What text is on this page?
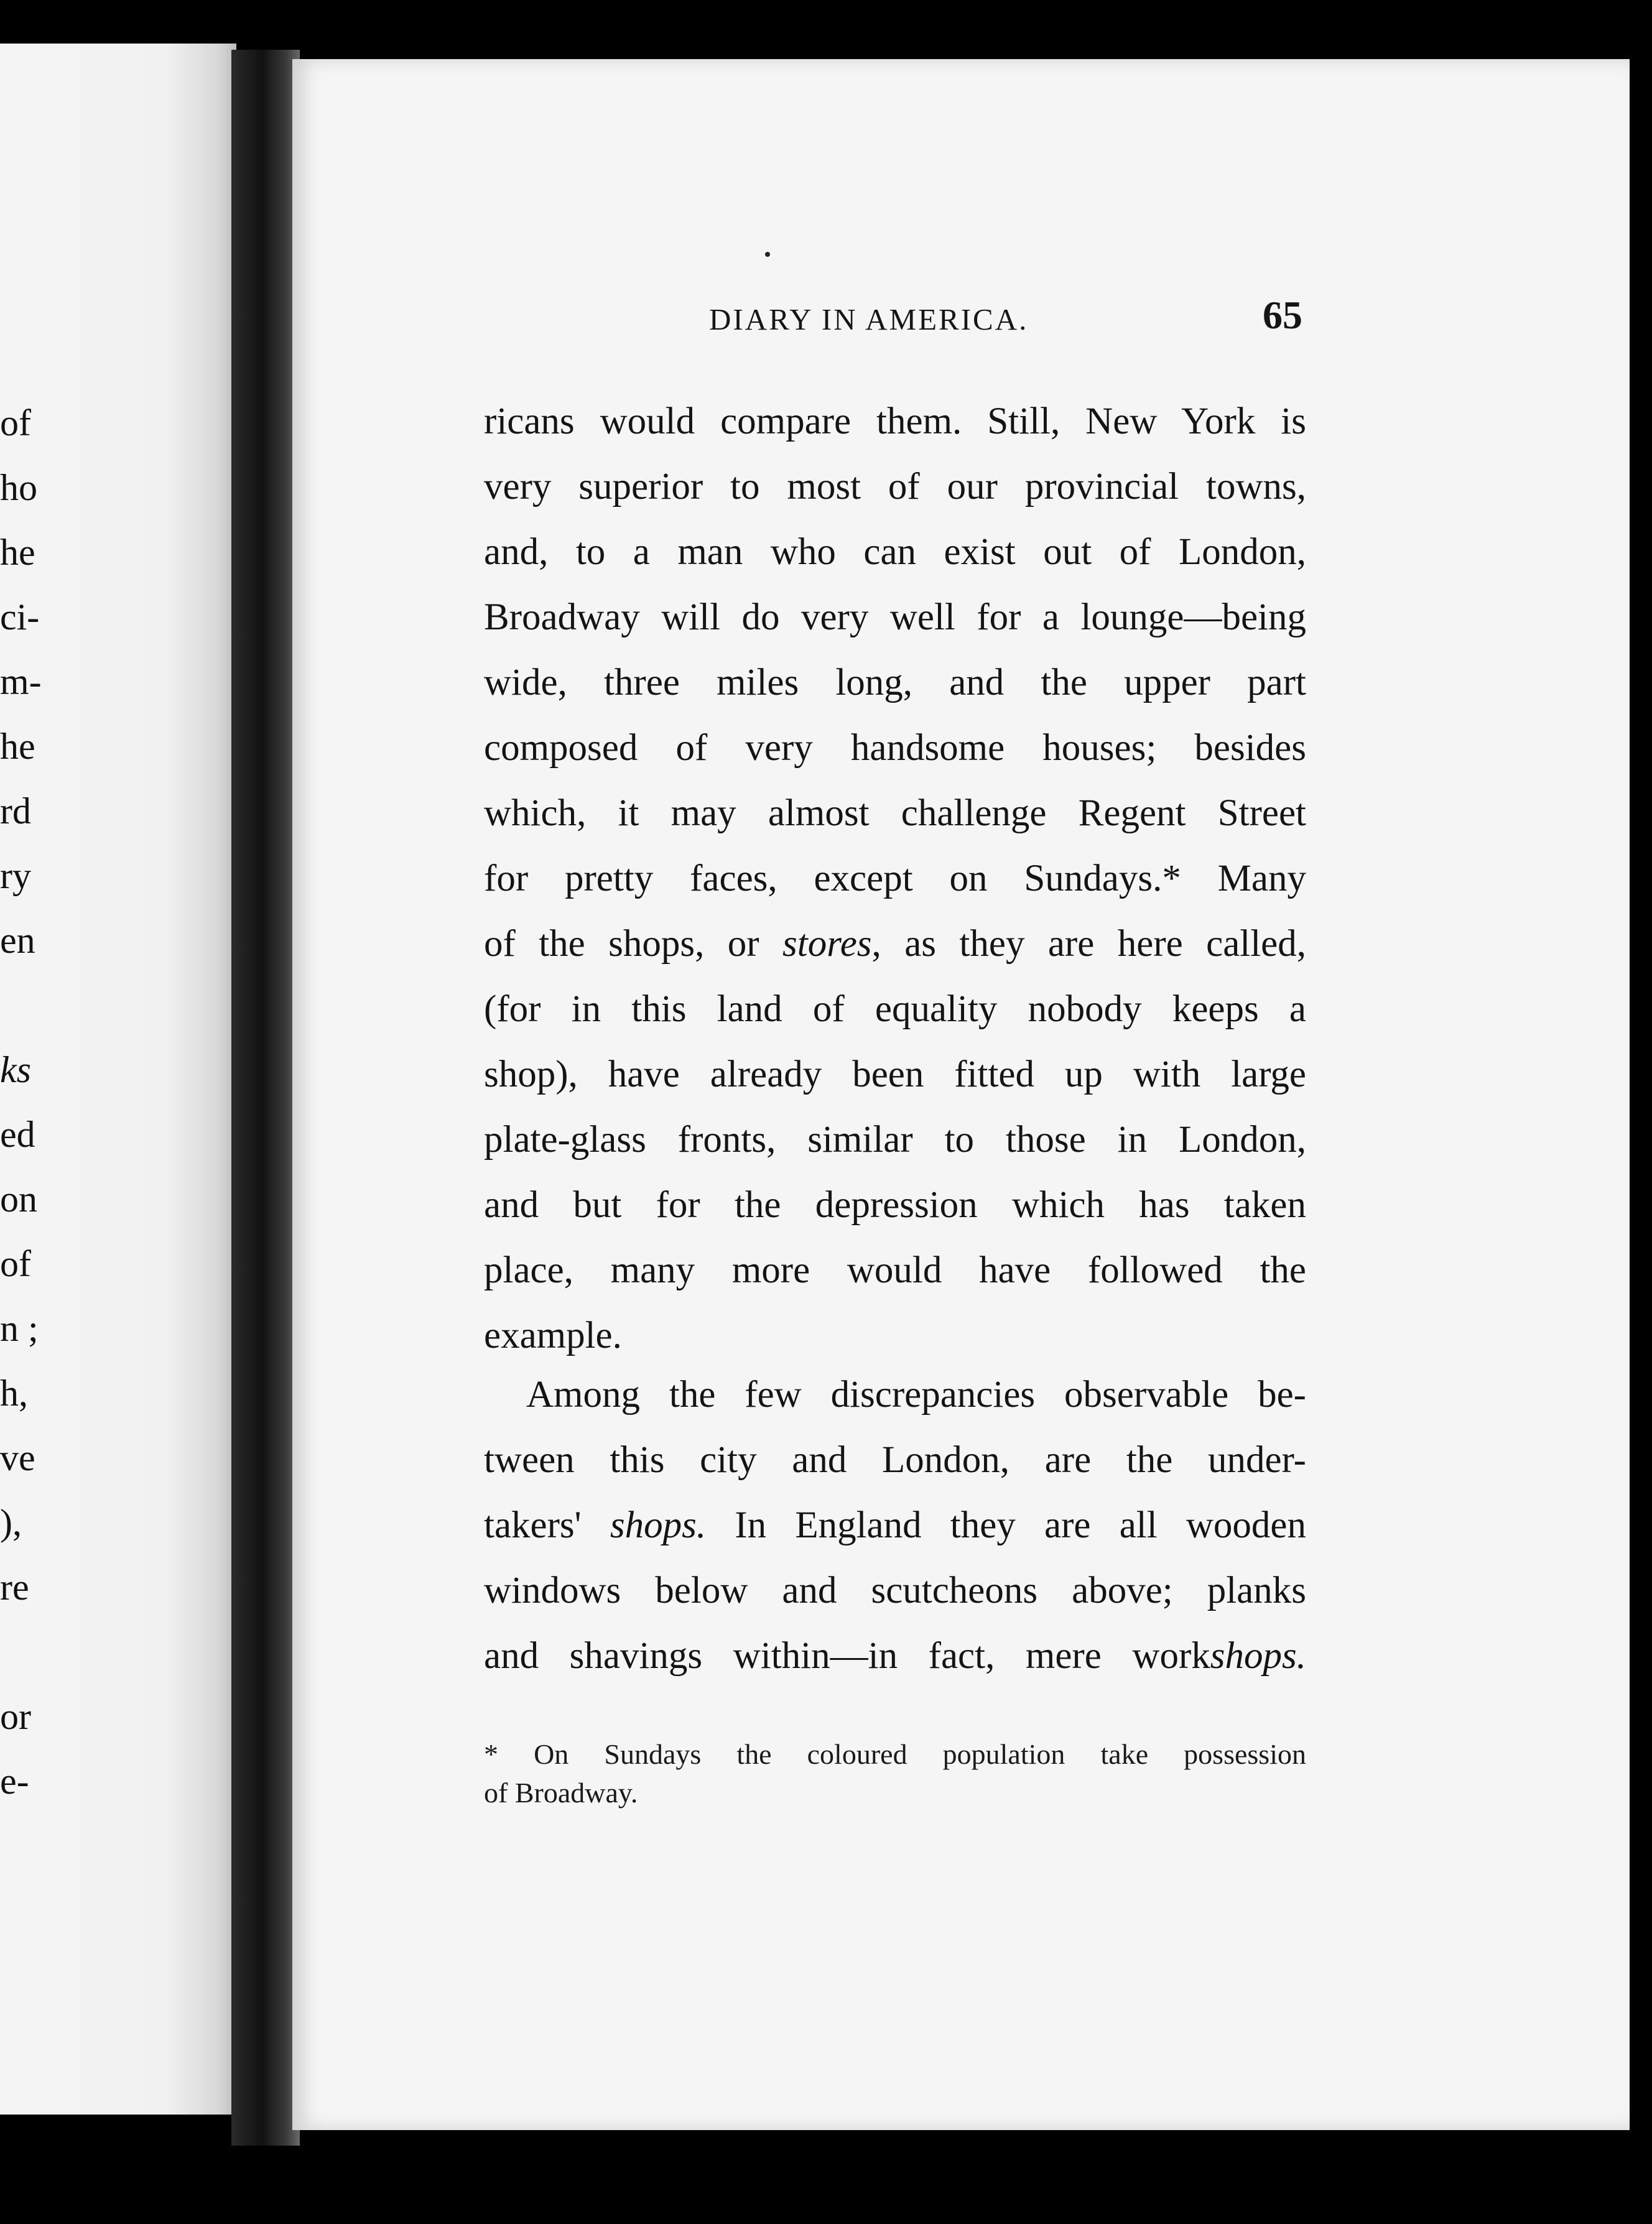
of
ho
he
ci-
m-
he
rd
ry
en
ks
ed
on
of
n ;
h,
ve
),
re
or
e-
DIARY IN AMERICA.	65
ricans would compare them. Still, New York is
very superior to most of our provincial towns,
and, to a man who can exist out of London,
Broadway will do very well for a lounge—being
wide, three miles long, and the upper part
composed of very handsome houses; besides
which, it may almost challenge Regent Street
for pretty faces, except on Sundays.* Many
of the shops, or stores, as they are here called,
(for in this land of equality nobody keeps a
shop), have already been fitted up with large
plate-glass fronts, similar to those in London,
and but for the depression which has taken
place, many more would have followed the
example.
Among the few discrepancies observable be-
tween this city and London, are the under-
takers' shops. In England they are all wooden
windows below and scutcheons above; planks
and shavings within—in fact, mere workshops.
* On Sundays the coloured population take possession
of Broadway.
